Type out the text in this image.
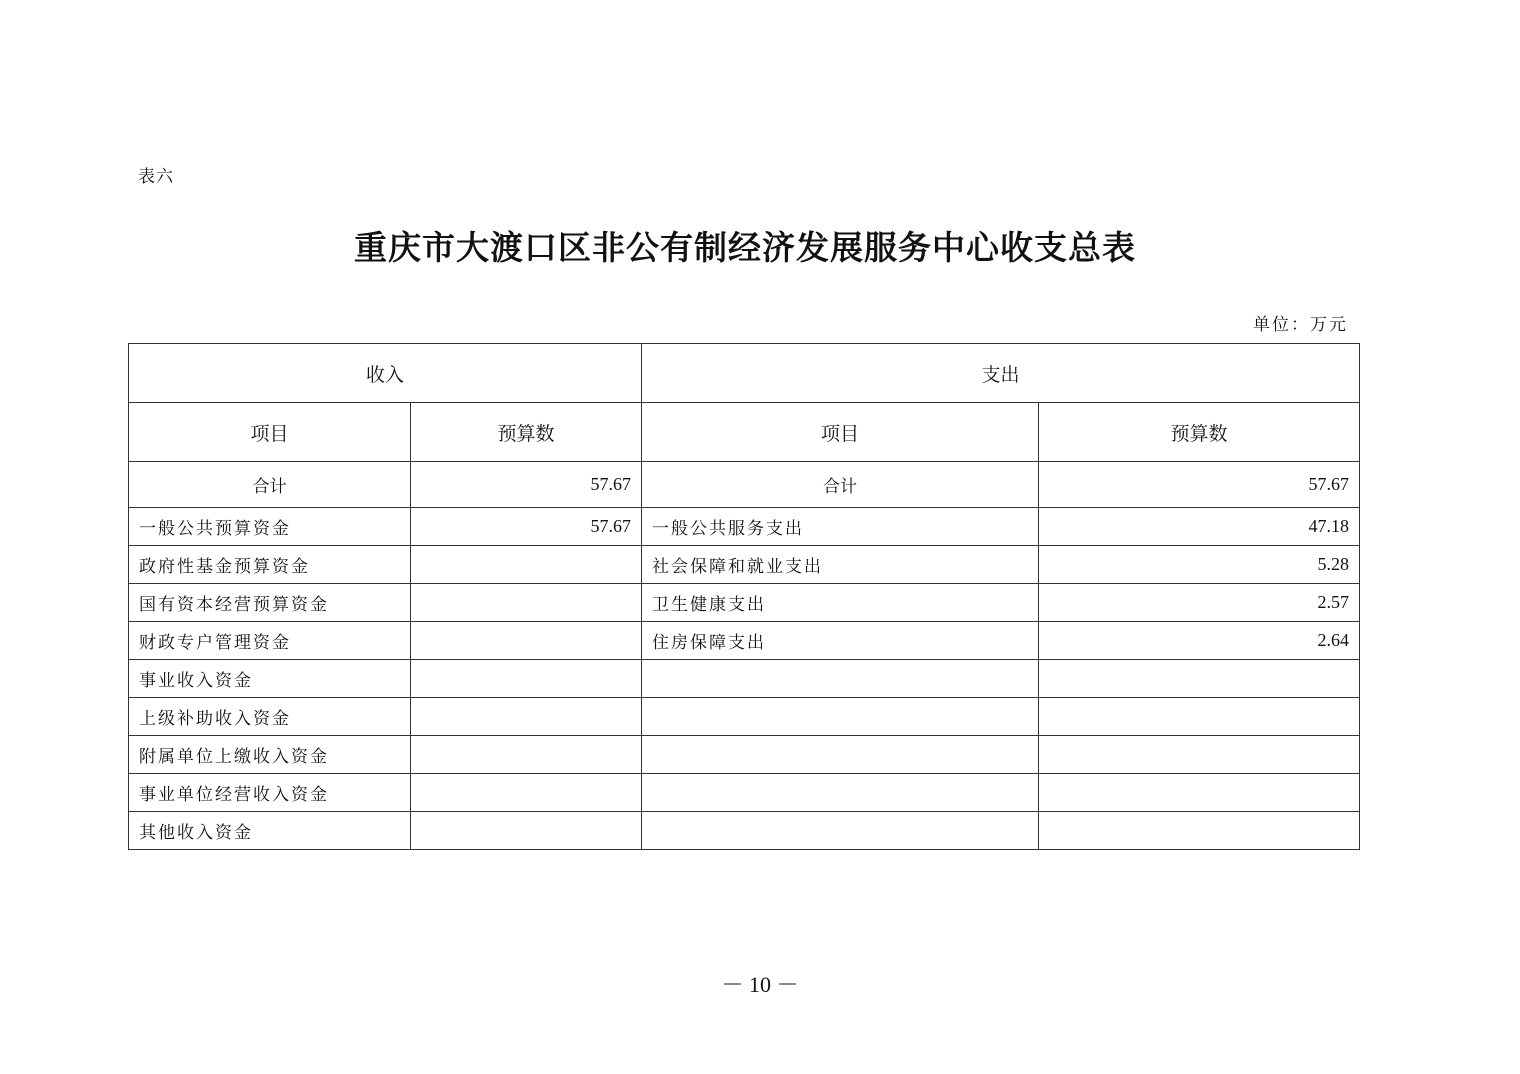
表六
重庆市大渡口区非公有制经济发展服务中心收支总表
单位：万元
收入		支出	
项目	预算数	项目	预算数
合计	57.67	合计	57.67
一般公共预算资金	57.67	一般公共服务支出	47.18
政府性基金预算资金		社会保障和就业支出	5.28
国有资本经营预算资金		卫生健康支出	2.57
财政专户管理资金		住房保障支出	2.64
事业收入资金			
上级补助收入资金			
附属单位上缴收入资金			
事业单位经营收入资金			
其他收入资金			
－ 10 －
